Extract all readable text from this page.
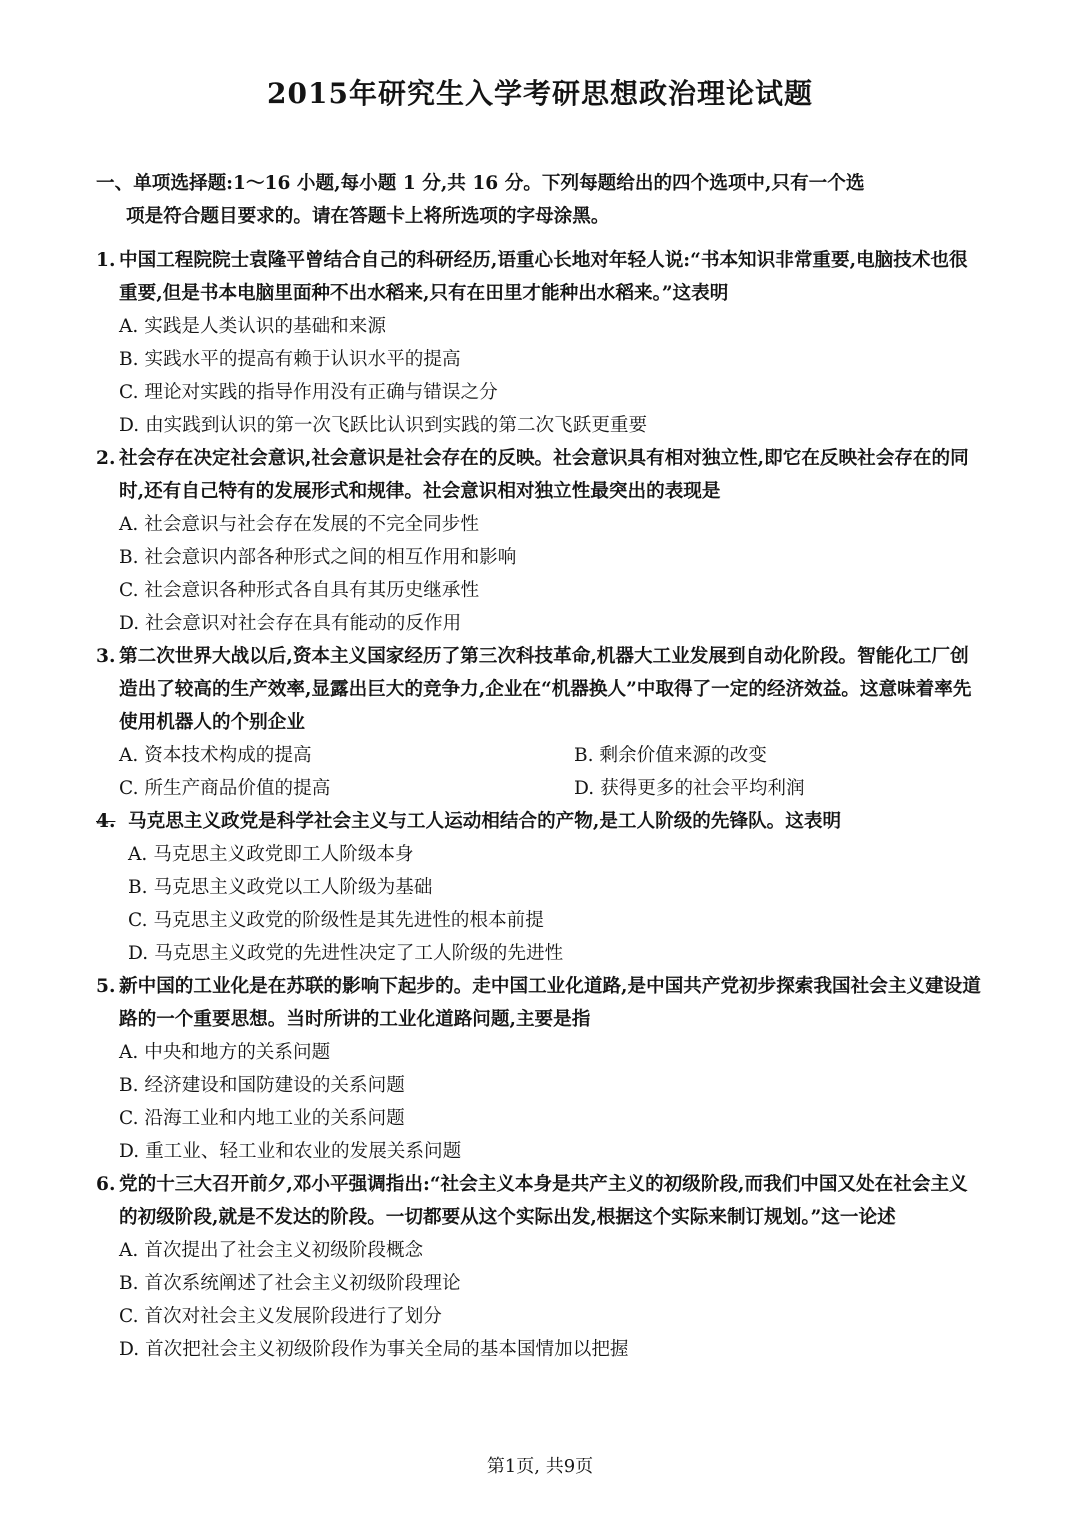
2015年研究生入学考研思想政治理论试题
一、单项选择题:1～16 小题,每小题 1 分,共 16 分。下列每题给出的四个选项中,只有一个选
项是符合题目要求的。请在答题卡上将所选项的字母涂黑。
1. 中国工程院院士袁隆平曾结合自己的科研经历,语重心长地对年轻人说:“书本知识非常重要,电脑技术也很重要,但是书本电脑里面种不出水稻来,只有在田里才能种出水稻来。”这表明
A. 实践是人类认识的基础和来源
B. 实践水平的提高有赖于认识水平的提高
C. 理论对实践的指导作用没有正确与错误之分
D. 由实践到认识的第一次飞跃比认识到实践的第二次飞跃更重要
2. 社会存在决定社会意识,社会意识是社会存在的反映。社会意识具有相对独立性,即它在反映社会存在的同时,还有自己特有的发展形式和规律。社会意识相对独立性最突出的表现是
A. 社会意识与社会存在发展的不完全同步性
B. 社会意识内部各种形式之间的相互作用和影响
C. 社会意识各种形式各自具有其历史继承性
D. 社会意识对社会存在具有能动的反作用
3. 第二次世界大战以后,资本主义国家经历了第三次科技革命,机器大工业发展到自动化阶段。智能化工厂创造出了较高的生产效率,显露出巨大的竞争力,企业在“机器换人”中取得了一定的经济效益。这意味着率先使用机器人的个别企业
A. 资本技术构成的提高	B. 剩余价值来源的改变
C. 所生产商品价值的提高	D. 获得更多的社会平均利润
4. 马克思主义政党是科学社会主义与工人运动相结合的产物,是工人阶级的先锋队。这表明
A. 马克思主义政党即工人阶级本身
B. 马克思主义政党以工人阶级为基础
C. 马克思主义政党的阶级性是其先进性的根本前提
D. 马克思主义政党的先进性决定了工人阶级的先进性
5. 新中国的工业化是在苏联的影响下起步的。走中国工业化道路,是中国共产党初步探索我国社会主义建设道路的一个重要思想。当时所讲的工业化道路问题,主要是指
A. 中央和地方的关系问题
B. 经济建设和国防建设的关系问题
C. 沿海工业和内地工业的关系问题
D. 重工业、轻工业和农业的发展关系问题
6. 党的十三大召开前夕,邓小平强调指出:“社会主义本身是共产主义的初级阶段,而我们中国又处在社会主义的初级阶段,就是不发达的阶段。一切都要从这个实际出发,根据这个实际来制订规划。”这一论述
A. 首次提出了社会主义初级阶段概念
B. 首次系统阐述了社会主义初级阶段理论
C. 首次对社会主义发展阶段进行了划分
D. 首次把社会主义初级阶段作为事关全局的基本国情加以把握
第1页, 共9页
